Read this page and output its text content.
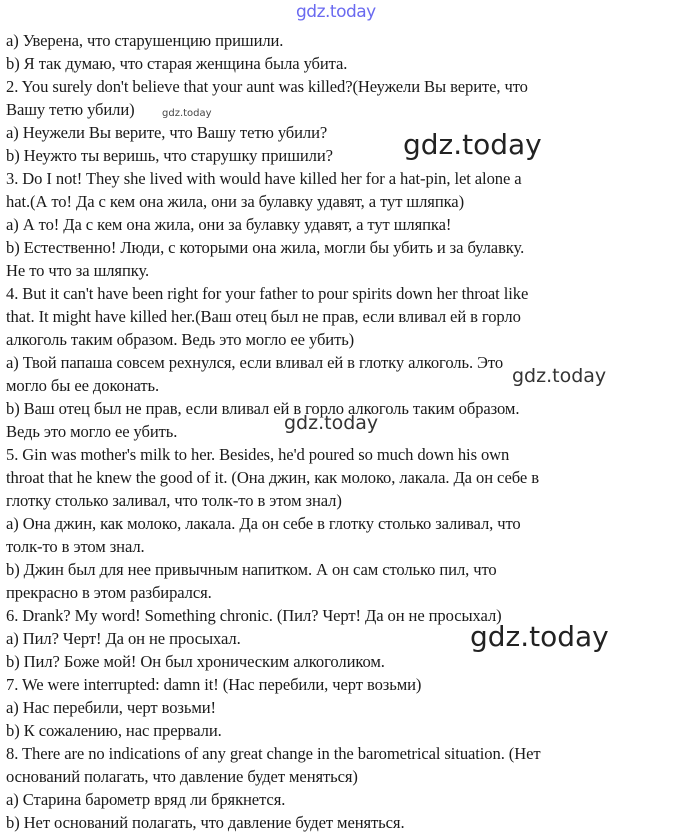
gdz.today
a) Уверена, что старушенцию пришили.
b) Я так думаю, что старая женщина была убита.
2. You surely don't believe that your aunt was killed?(Неужели Вы верите, что
Вашу тетю убили)	gdz.today
a) Неужели Вы верите, что Вашу тетю убили?
b) Неужто ты веришь, что старушку пришили?	gdz.today
3. Do I not! They she lived with would have killed her for a hat-pin, let alone a
hat.(А то! Да с кем она жила, они за булавку удавят, а тут шляпка)
a) А то! Да с кем она жила, они за булавку удавят, а тут шляпка!
b) Естественно! Люди, с которыми она жила, могли бы убить и за булавку.
Не то что за шляпку.
4. But it can't have been right for your father to pour spirits down her throat like
that. It might have killed her.(Ваш отец был не прав, если вливал ей в горло
алкоголь таким образом. Ведь это могло ее убить)
a) Твой папаша совсем рехнулся, если вливал ей в глотку алкоголь. Это
могло бы ее доконать.	gdz.today
b) Ваш отец был не прав, если вливал ей в горло алкоголь таким образом.
Ведь это могло ее убить.	gdz.today
5. Gin was mother's milk to her. Besides, he'd poured so much down his own
throat that he knew the good of it. (Она джин, как молоко, лакала. Да он себе в
глотку столько заливал, что толк-то в этом знал)
a) Она джин, как молоко, лакала. Да он себе в глотку столько заливал, что
толк-то в этом знал.
b) Джин был для нее привычным напитком. А он сам столько пил, что
прекрасно в этом разбирался.
6. Drank? My word! Something chronic. (Пил? Черт! Да он не просыхал)
a) Пил? Черт! Да он не просыхал.
b) Пил? Боже мой! Он был хроническим алкоголиком.
gdz.today
7. We were interrupted: damn it! (Нас перебили, черт возьми)
a) Нас перебили, черт возьми!
b) К сожалению, нас прервали.
8. There are no indications of any great change in the barometrical situation. (Нет
оснований полагать, что давление будет меняться)
a) Старина барометр вряд ли брякнется.
b) Нет оснований полагать, что давление будет меняться.
